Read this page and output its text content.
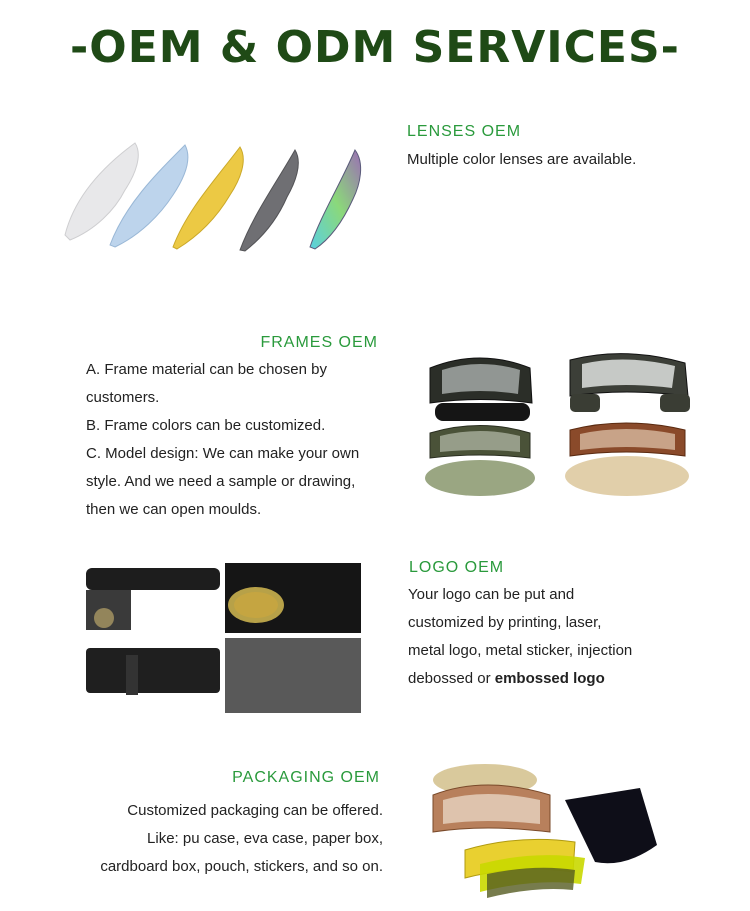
-OEM & ODM SERVICES-
LENSES OEM
Multiple color lenses are available.
FRAMES OEM
A. Frame material can be chosen by
customers.
B. Frame colors can be customized.
C. Model design: We can make your own
style. And we need a sample or drawing,
then we can open moulds.
LOGO OEM
Your logo can be put and
customized by printing, laser,
metal logo, metal sticker, injection
debossed or embossed logo
PACKAGING OEM
Customized packaging can be offered.
Like: pu case, eva case, paper box,
cardboard box, pouch, stickers, and so on.
